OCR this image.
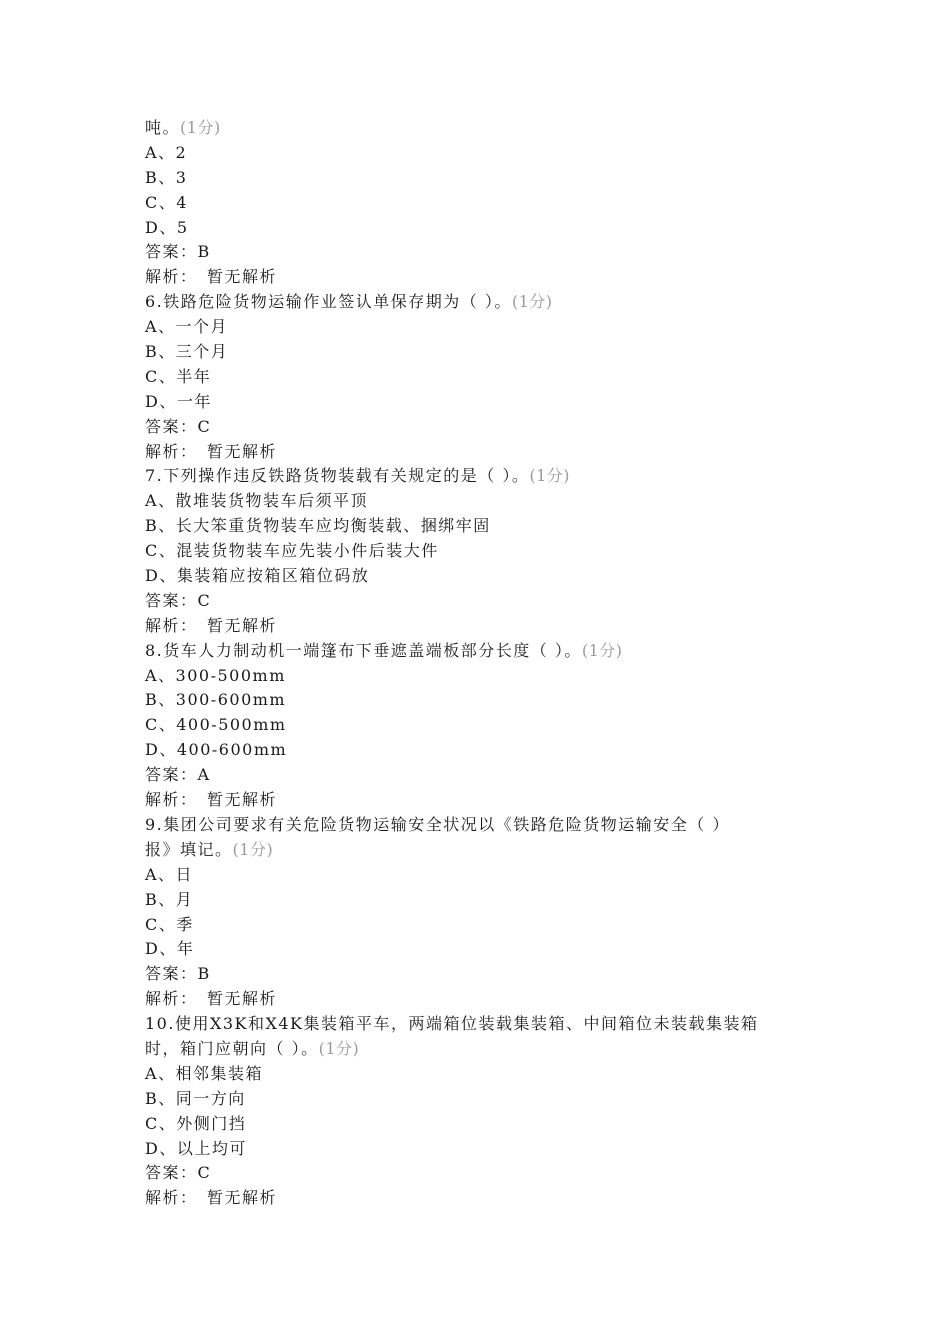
吨。(1分)
A、2
B、3
C、4
D、5
答案：B
解析：　暂无解析
6.铁路危险货物运输作业签认单保存期为（ ）。(1分)
A、一个月
B、三个月
C、半年
D、一年
答案：C
解析：　暂无解析
7.下列操作违反铁路货物装载有关规定的是（ ）。(1分)
A、散堆装货物装车后须平顶
B、长大笨重货物装车应均衡装载、捆绑牢固
C、混装货物装车应先装小件后装大件
D、集装箱应按箱区箱位码放
答案：C
解析：　暂无解析
8.货车人力制动机一端篷布下垂遮盖端板部分长度（ ）。(1分)
A、300-500mm
B、300-600mm
C、400-500mm
D、400-600mm
答案：A
解析：　暂无解析
9.集团公司要求有关危险货物运输安全状况以《铁路危险货物运输安全（ ）
报》填记。(1分)
A、日
B、月
C、季
D、年
答案：B
解析：　暂无解析
10.使用X3K和X4K集装箱平车，两端箱位装载集装箱、中间箱位未装载集装箱
时，箱门应朝向（ ）。(1分)
A、相邻集装箱
B、同一方向
C、外侧门挡
D、以上均可
答案：C
解析：　暂无解析
